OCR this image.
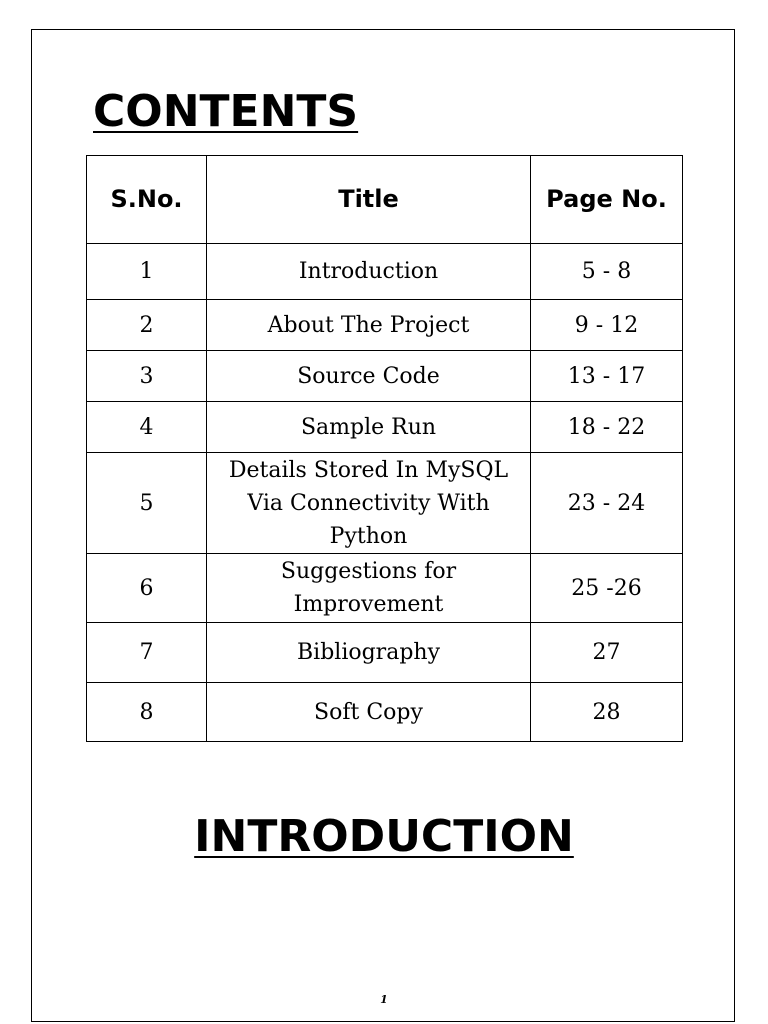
CONTENTS
S.No.	Title	Page No.
1	Introduction	5 - 8
2	About The Project	9 - 12
3	Source Code	13 - 17
4	Sample Run	18 - 22
5	Details Stored In MySQL Via Connectivity With Python	23 - 24
6	Suggestions for Improvement	25 -26
7	Bibliography	27
8	Soft Copy	28
INTRODUCTION
1
